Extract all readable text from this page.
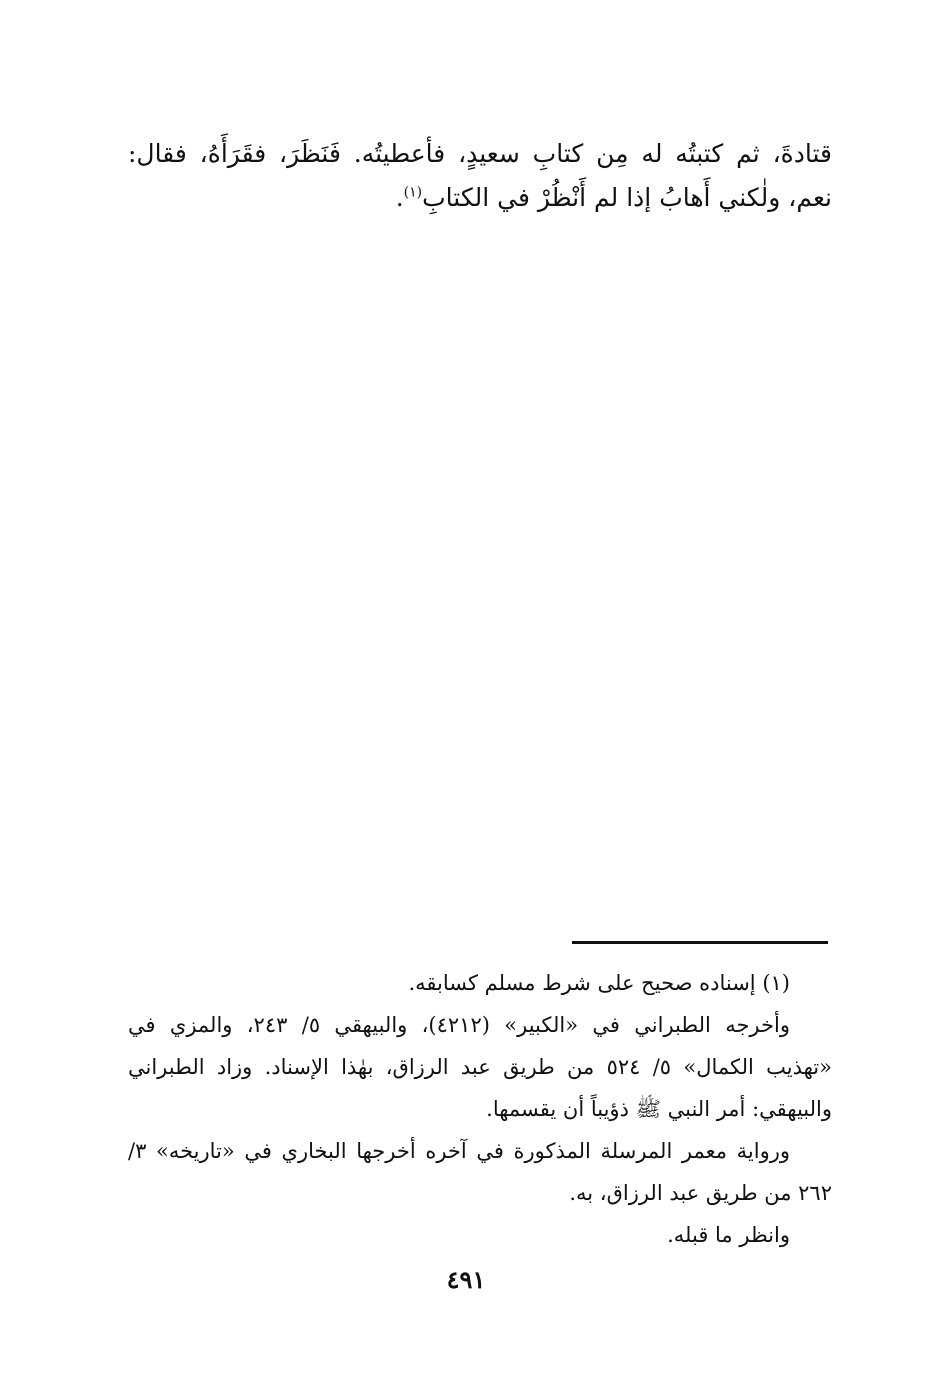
قتادةَ، ثم كتبتُه له مِن كتابِ سعيدٍ، فأعطيتُه. فَنَظَرَ، فقَرَأَهُ، فقال: نعم، ولٰكني أَهابُ إذا لم أَنْظُرْ في الكتابِ$^{(١)}$.

(١) إسناده صحيح على شرط مسلم كسابقه.

وأخرجه الطبراني في «الكبير» (٤٢١٢)، والبيهقي ٥/ ٢٤٣، والمزي في «تهذيب الكمال» ٥/ ٥٢٤ من طريق عبد الرزاق، بهٰذا الإسناد. وزاد الطبراني والبيهقي: أمر النبي ﷺ ذؤيباً أن يقسمها.

ورواية معمر المرسلة المذكورة في آخره أخرجها البخاري في «تاريخه» ٣/ ٢٦٢ من طريق عبد الرزاق، به.

وانظر ما قبله.

٤٩١
